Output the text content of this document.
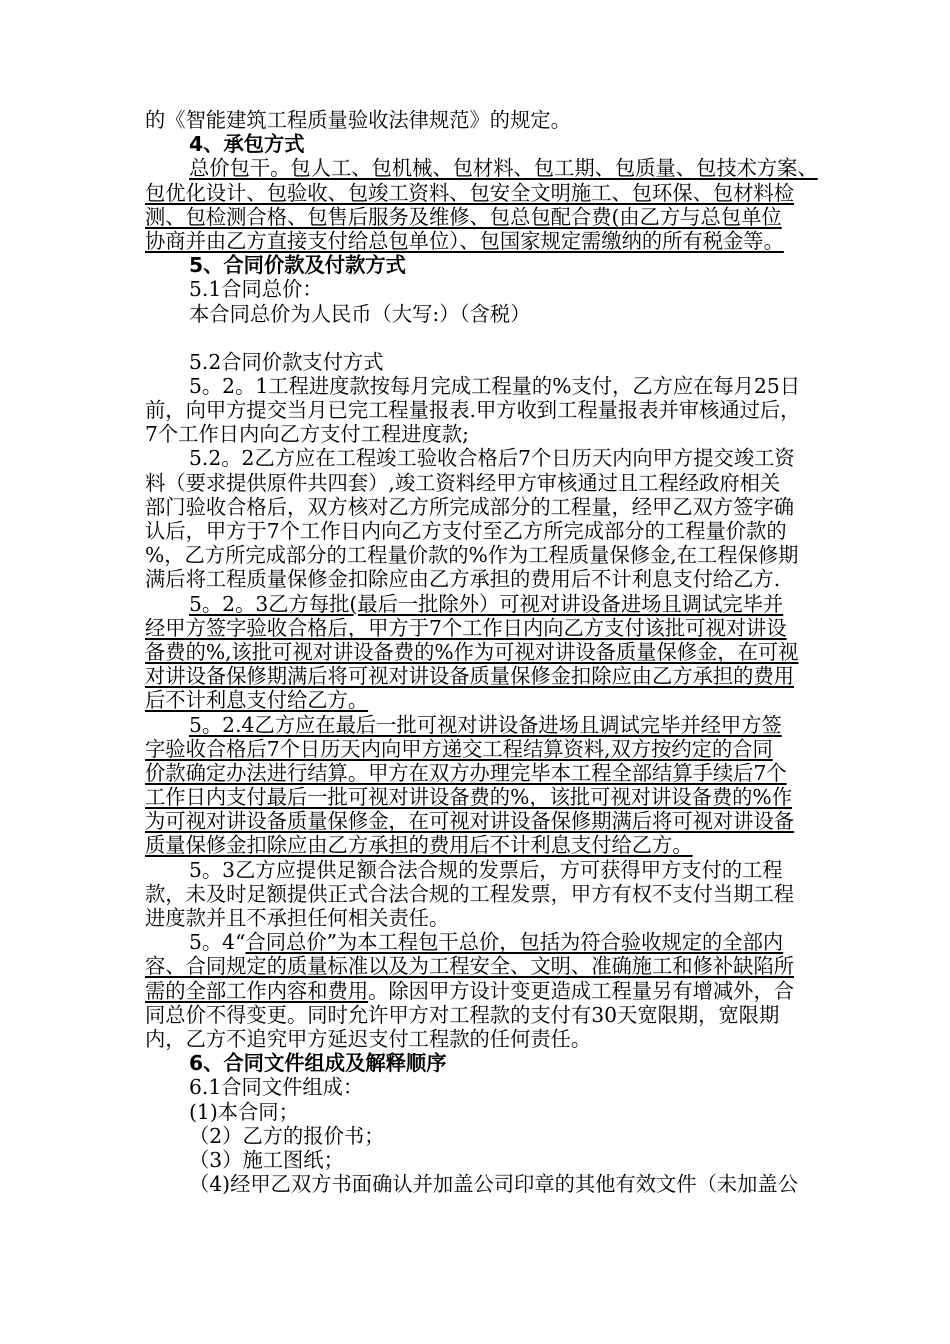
的《智能建筑工程质量验收法律规范》的规定。
4、承包方式
总价包干。包人工、包机械、包材料、包工期、包质量、包技术方案、
包优化设计、包验收、包竣工资料、包安全文明施工、包环保、包材料检
测、包检测合格、包售后服务及维修、包总包配合费(由乙方与总包单位
协商并由乙方直接支付给总包单位）、包国家规定需缴纳的所有税金等。
5、合同价款及付款方式
5.1合同总价：
本合同总价为人民币（大写:）（含税）
5.2合同价款支付方式
5。2。1工程进度款按每月完成工程量的%支付，乙方应在每月25日
前，向甲方提交当月已完工程量报表.甲方收到工程量报表并审核通过后，
7个工作日内向乙方支付工程进度款;
5.2。2乙方应在工程竣工验收合格后7个日历天内向甲方提交竣工资
料（要求提供原件共四套）,竣工资料经甲方审核通过且工程经政府相关
部门验收合格后，双方核对乙方所完成部分的工程量，经甲乙双方签字确
认后，甲方于7个工作日内向乙方支付至乙方所完成部分的工程量价款的
%，乙方所完成部分的工程量价款的%作为工程质量保修金,在工程保修期
满后将工程质量保修金扣除应由乙方承担的费用后不计利息支付给乙方.
5。2。3乙方每批(最后一批除外）可视对讲设备进场且调试完毕并
经甲方签字验收合格后，甲方于7个工作日内向乙方支付该批可视对讲设
备费的%,该批可视对讲设备费的%作为可视对讲设备质量保修金，在可视
对讲设备保修期满后将可视对讲设备质量保修金扣除应由乙方承担的费用
后不计利息支付给乙方。
5。2.4乙方应在最后一批可视对讲设备进场且调试完毕并经甲方签
字验收合格后7个日历天内向甲方递交工程结算资料,双方按约定的合同
价款确定办法进行结算。甲方在双方办理完毕本工程全部结算手续后7个
工作日内支付最后一批可视对讲设备费的%，该批可视对讲设备费的%作
为可视对讲设备质量保修金，在可视对讲设备保修期满后将可视对讲设备
质量保修金扣除应由乙方承担的费用后不计利息支付给乙方。
5。3乙方应提供足额合法合规的发票后，方可获得甲方支付的工程
款，未及时足额提供正式合法合规的工程发票，甲方有权不支付当期工程
进度款并且不承担任何相关责任。
5。4“合同总价”为本工程包干总价，包括为符合验收规定的全部内
容、合同规定的质量标准以及为工程安全、文明、准确施工和修补缺陷所
需的全部工作内容和费用。除因甲方设计变更造成工程量另有增减外，合
同总价不得变更。同时允许甲方对工程款的支付有30天宽限期，宽限期
内，乙方不追究甲方延迟支付工程款的任何责任。
6、合同文件组成及解释顺序
6.1合同文件组成：
(1)本合同；
（2）乙方的报价书；
（3）施工图纸；
（4)经甲乙双方书面确认并加盖公司印章的其他有效文件（未加盖公
